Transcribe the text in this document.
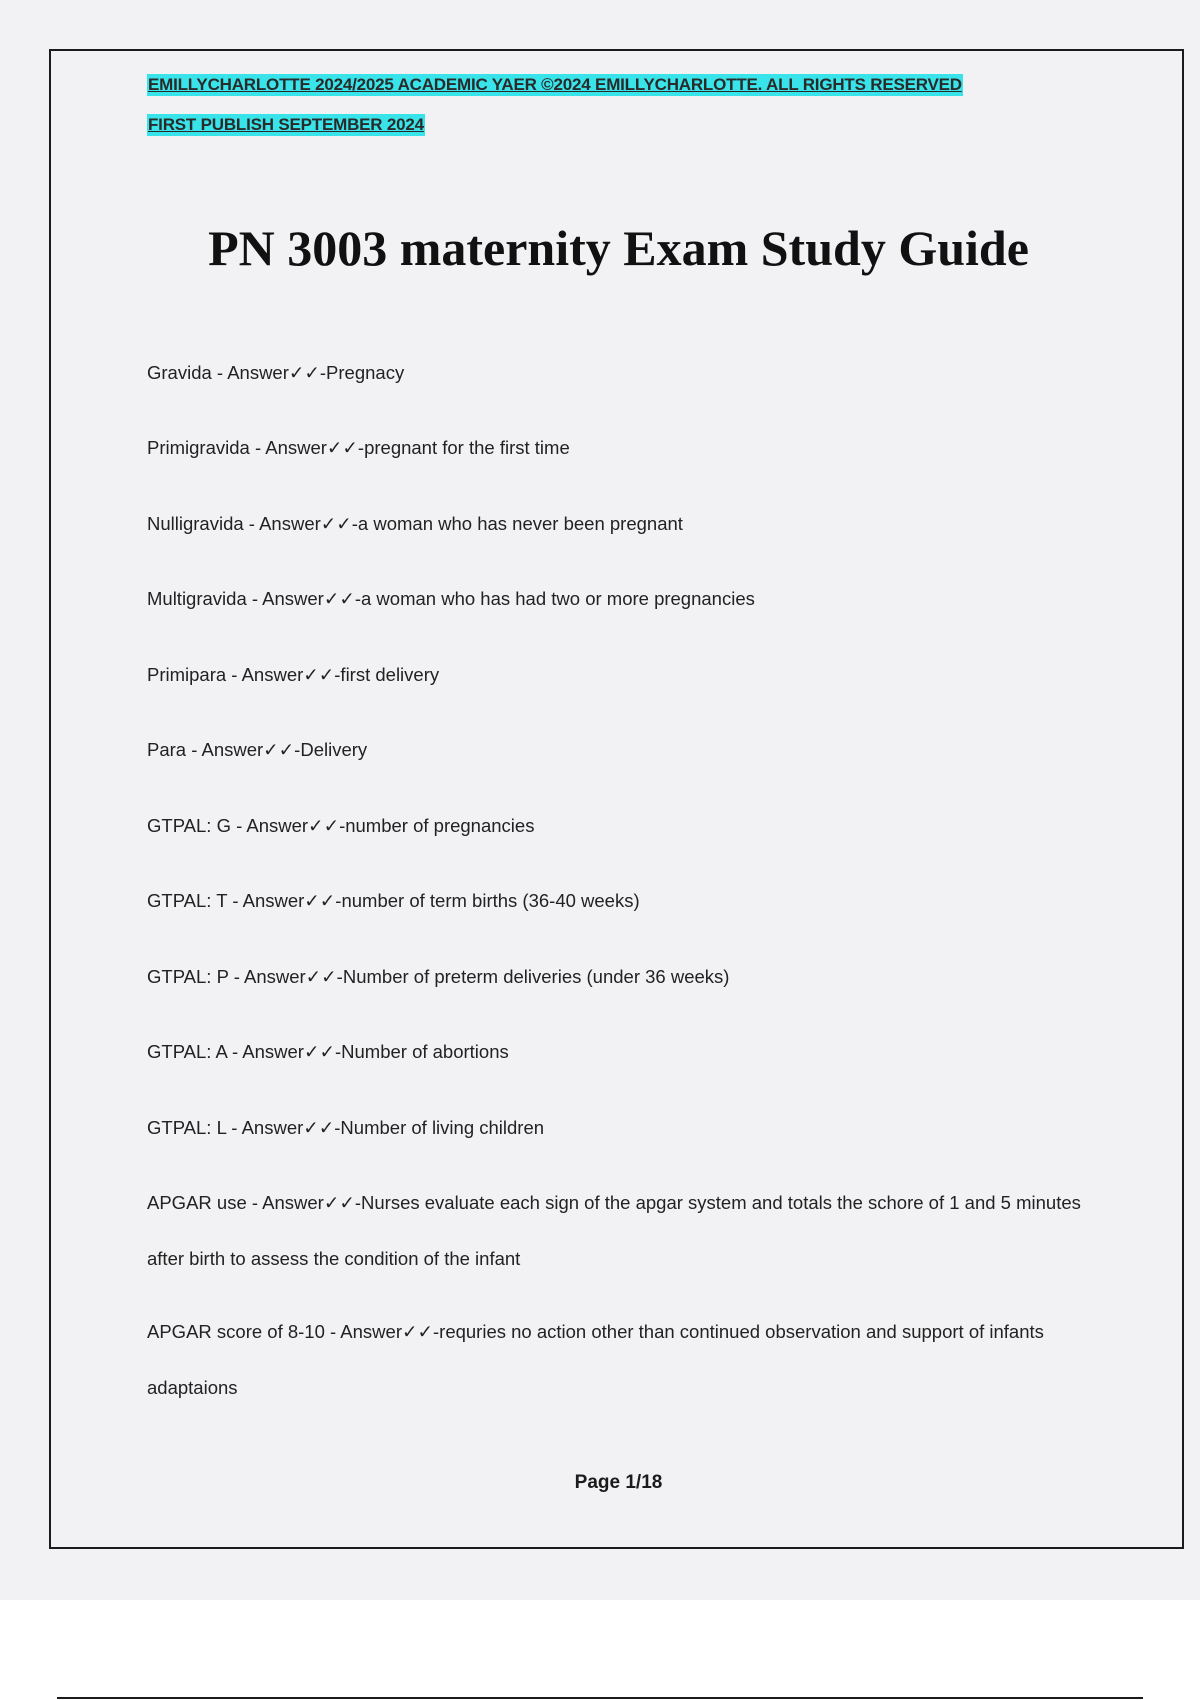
EMILLYCHARLOTTE 2024/2025 ACADEMIC YAER ©2024 EMILLYCHARLOTTE. ALL RIGHTS RESERVED
FIRST PUBLISH SEPTEMBER 2024
PN 3003 maternity Exam Study Guide
Gravida - Answer✓✓-Pregnacy
Primigravida - Answer✓✓-pregnant for the first time
Nulligravida - Answer✓✓-a woman who has never been pregnant
Multigravida - Answer✓✓-a woman who has had two or more pregnancies
Primipara - Answer✓✓-first delivery
Para - Answer✓✓-Delivery
GTPAL: G - Answer✓✓-number of pregnancies
GTPAL: T - Answer✓✓-number of term births (36-40 weeks)
GTPAL: P - Answer✓✓-Number of preterm deliveries (under 36 weeks)
GTPAL: A - Answer✓✓-Number of abortions
GTPAL: L - Answer✓✓-Number of living children
APGAR use - Answer✓✓-Nurses evaluate each sign of the apgar system and totals the schore of 1 and 5 minutes after birth to assess the condition of the infant
APGAR score of 8-10 - Answer✓✓-requries no action other than continued observation and support of infants adaptaions
Page 1/18
